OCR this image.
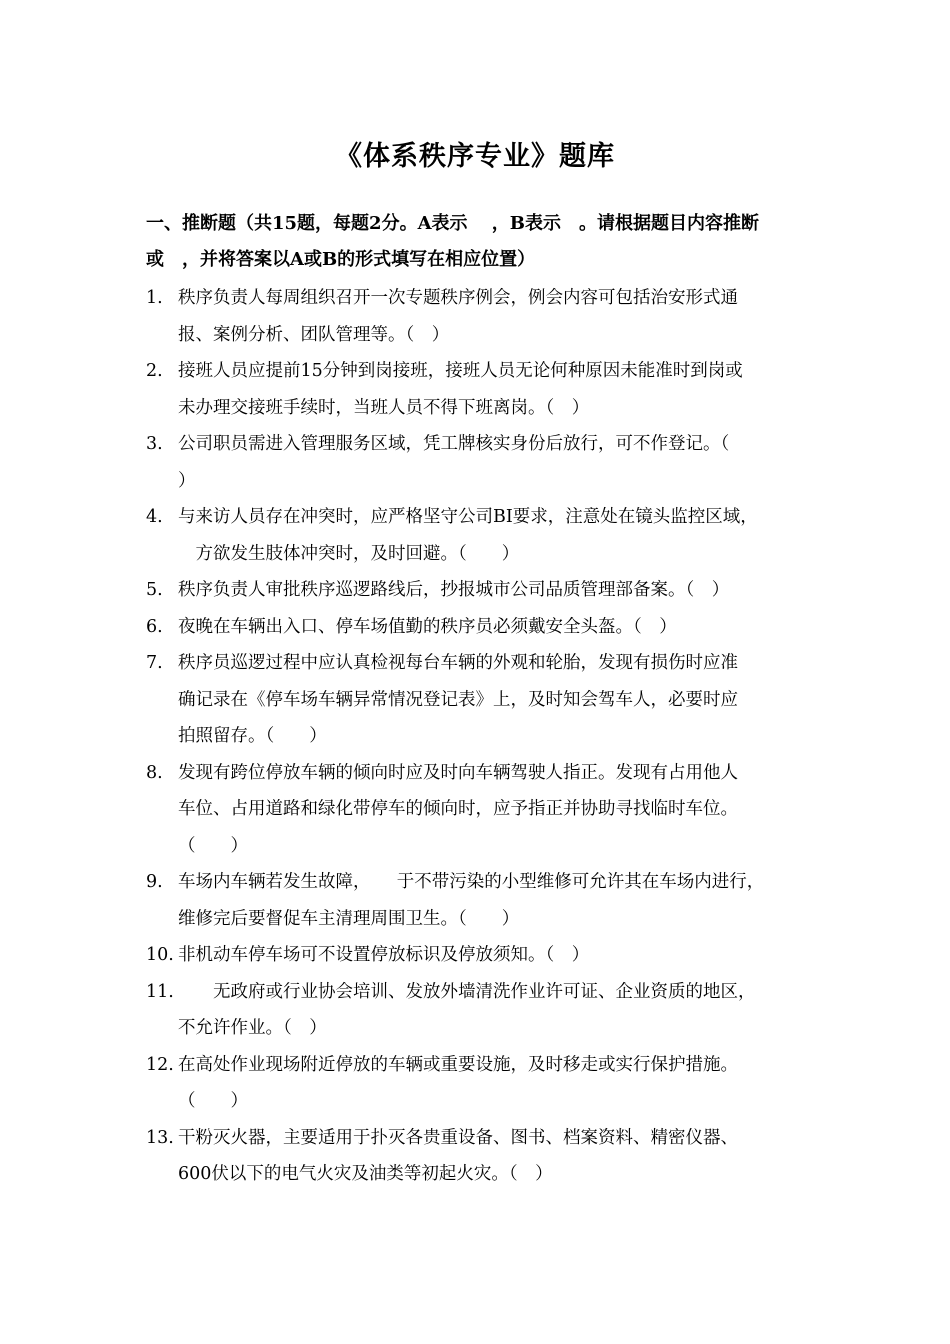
《体系秩序专业》题库
一、推断题（共15题，每题2分。A表示　 ，B表示　。请根据题目内容推断
或　，并将答案以A或B的形式填写在相应位置）
1. 秩序负责人每周组织召开一次专题秩序例会，例会内容可包括治安形式通
报、案例分析、团队管理等。（　）
2. 接班人员应提前15分钟到岗接班，接班人员无论何种原因未能准时到岗或
未办理交接班手续时，当班人员不得下班离岗。（　）
3. 公司职员需进入管理服务区域，凭工牌核实身份后放行，可不作登记。（
）
4. 与来访人员存在冲突时，应严格坚守公司BI要求，注意处在镜头监控区域，
　方欲发生肢体冲突时，及时回避。（　　）
5. 秩序负责人审批秩序巡逻路线后，抄报城市公司品质管理部备案。（　）
6. 夜晚在车辆出入口、停车场值勤的秩序员必须戴安全头盔。（　）
7. 秩序员巡逻过程中应认真检视每台车辆的外观和轮胎，发现有损伤时应准
确记录在《停车场车辆异常情况登记表》上，及时知会驾车人，必要时应
拍照留存。（　　）
8. 发现有跨位停放车辆的倾向时应及时向车辆驾驶人指正。发现有占用他人
车位、占用道路和绿化带停车的倾向时，应予指正并协助寻找临时车位。
（　　）
9. 车场内车辆若发生故障，　　于不带污染的小型维修可允许其在车场内进行，
维修完后要督促车主清理周围卫生。（　　）
10. 非机动车停车场可不设置停放标识及停放须知。（　）
11. 　　无政府或行业协会培训、发放外墙清洗作业许可证、企业资质的地区，
不允许作业。（　）
12. 在高处作业现场附近停放的车辆或重要设施，及时移走或实行保护措施。
（　　）
13. 干粉灭火器，主要适用于扑灭各贵重设备、图书、档案资料、精密仪器、
600伏以下的电气火灾及油类等初起火灾。（　）
